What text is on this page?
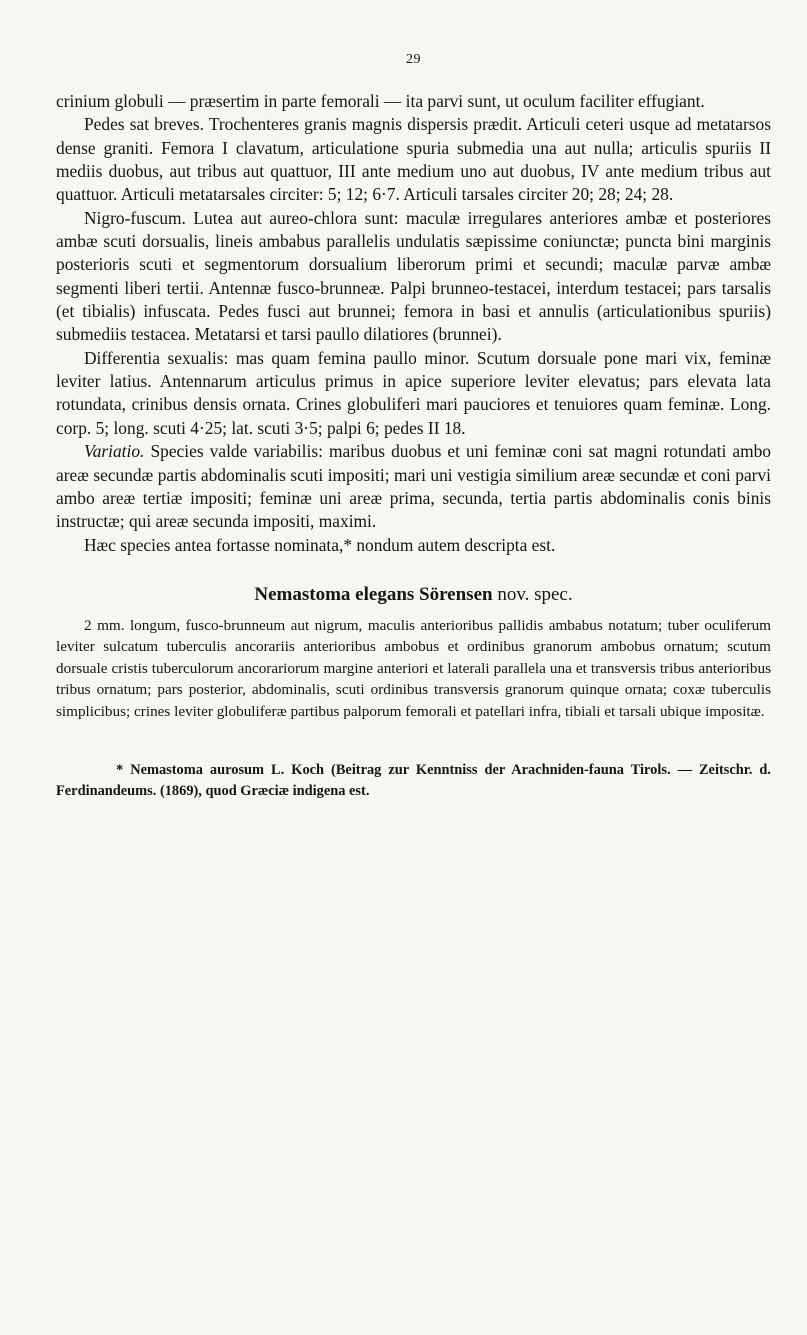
29

crinium globuli — præsertim in parte femorali — ita parvi sunt, ut oculum faciliter effugiant.

Pedes sat breves. Trochenteres granis magnis dispersis prædit. Articuli ceteri usque ad metatarsos dense graniti. Femora I clavatum, articulatione spuria submedia una aut nulla; articulis spuriis II mediis duobus, aut tribus aut quattuor, III ante medium uno aut duobus, IV ante medium tribus aut quattuor. Articuli metatarsales circiter: 5; 12; 6·7. Articuli tarsales circiter 20; 28; 24; 28.

Nigro-fuscum. Lutea aut aureo-chlora sunt: maculæ irregulares anteriores ambæ et posteriores ambæ scuti dorsualis, lineis ambabus parallelis undulatis sæpissime coniunctæ; puncta bini marginis posterioris scuti et segmentorum dorsualium liberorum primi et secundi; maculæ parvæ ambæ segmenti liberi tertii. Antennæ fusco-brunneæ. Palpi brunneo-testacei, interdum testacei; pars tarsalis (et tibialis) infuscata. Pedes fusci aut brunnei; femora in basi et annulis (articulationibus spuriis) submediis testacea. Metatarsi et tarsi paullo dilatiores (brunnei).

Differentia sexualis: mas quam femina paullo minor. Scutum dorsuale pone mari vix, feminæ leviter latius. Antennarum articulus primus in apice superiore leviter elevatus; pars elevata lata rotundata, crinibus densis ornata. Crines globuliferi mari pauciores et tenuiores quam feminæ. Long. corp. 5; long. scuti 4·25; lat. scuti 3·5; palpi 6; pedes II 18.

Variatio. Species valde variabilis: maribus duobus et uni feminæ coni sat magni rotundati ambo areæ secundæ partis abdominalis scuti impositi; mari uni vestigia similium areæ secundæ et coni parvi ambo areæ tertiæ impositi; feminæ uni areæ prima, secunda, tertia partis abdominalis conis binis instructæ; qui areæ secunda impositi, maximi.

Hæc species antea fortasse nominata,* nondum autem descripta est.

Nemastoma elegans Sörensen nov. spec.

2 mm. longum, fusco-brunneum aut nigrum, maculis anterioribus pallidis ambabus notatum; tuber oculiferum leviter sulcatum tuberculis ancorariis anterioribus ambobus et ordinibus granorum ambobus ornatum; scutum dorsuale cristis tuberculorum ancorariorum margine anteriori et laterali parallela una et transversis tribus anterioribus tribus ornatum; pars posterior, abdominalis, scuti ordinibus transversis granorum quinque ornata; coxæ tuberculis simplicibus; crines leviter globuliferæ partibus palporum femorali et patellari infra, tibiali et tarsali ubique impositæ.

* Nemastoma aurosum L. Koch (Beitrag zur Kenntniss der Arachniden-fauna Tirols. — Zeitschr. d. Ferdinandeums. (1869), quod Græciæ indigena est.
